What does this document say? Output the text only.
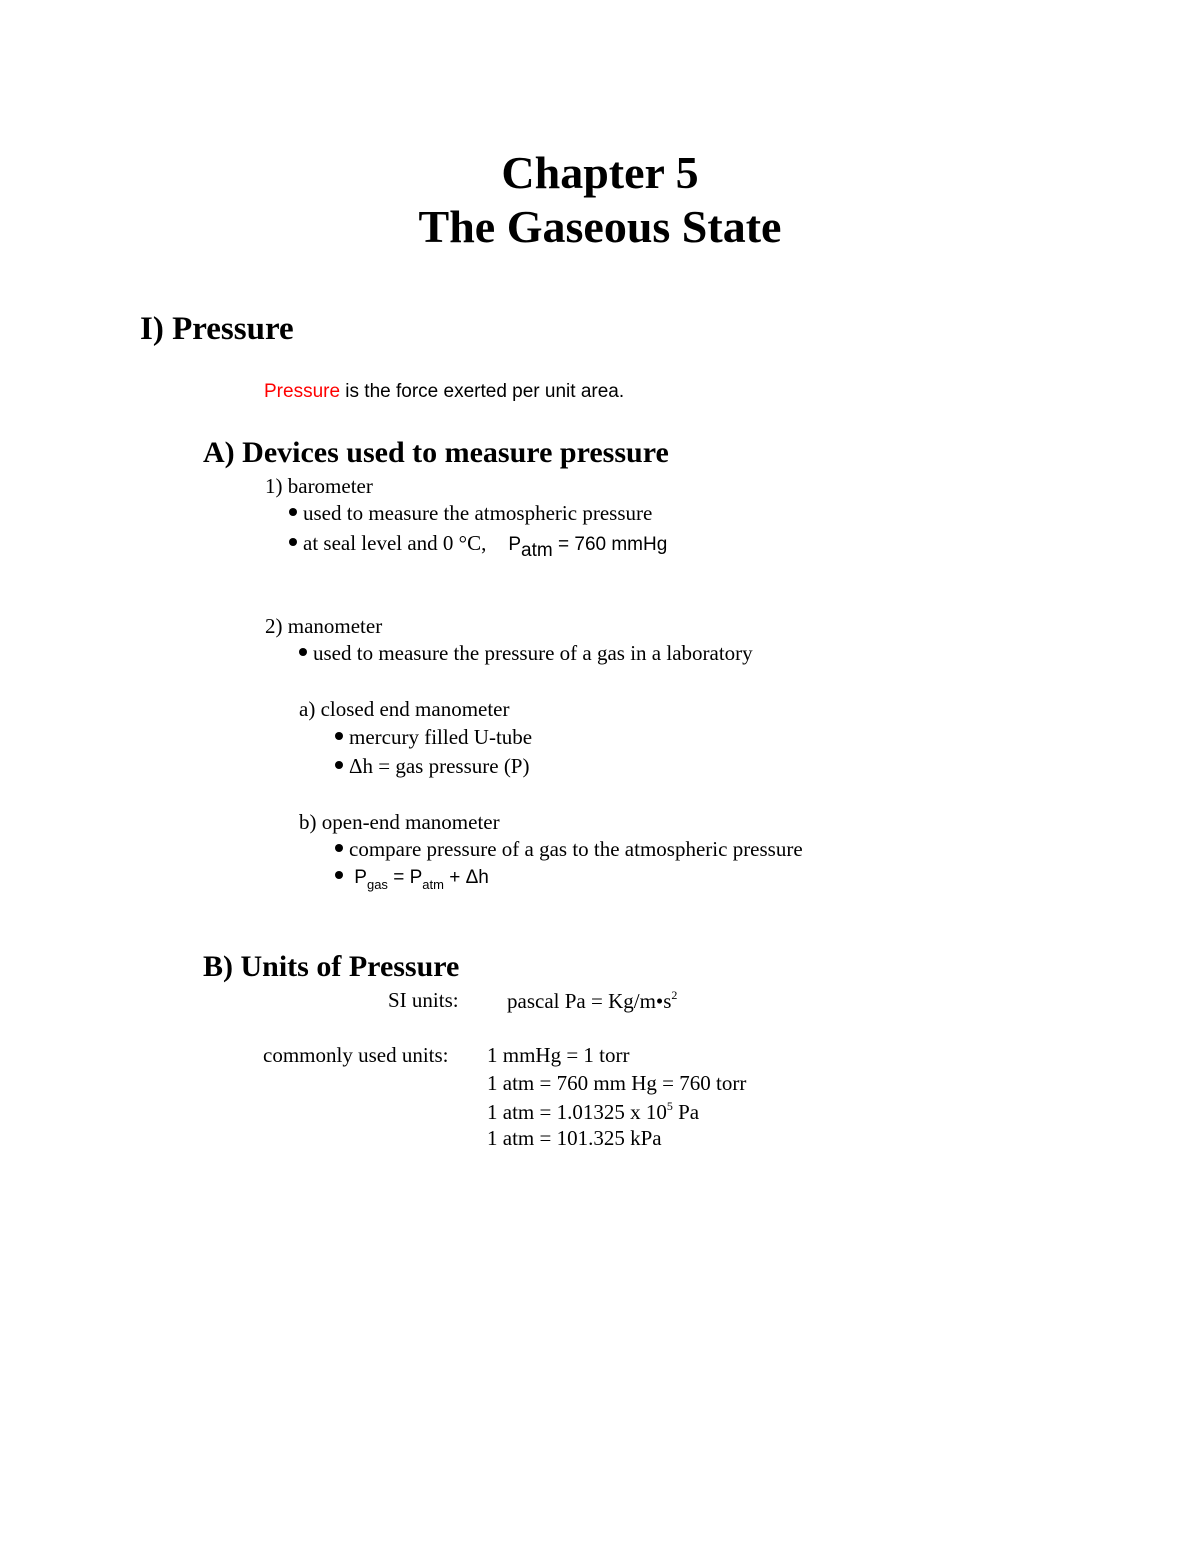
Chapter 5
The Gaseous State
I) Pressure
Pressure is the force exerted per unit area.
A) Devices used to measure pressure
1) barometer
used to measure the atmospheric pressure
at seal level and 0 °C, $P_{atm} = 760$ mmHg
2) manometer
used to measure the pressure of a gas in a laboratory
a) closed end manometer
mercury filled U-tube
Δh = gas pressure (P)
b) open-end manometer
compare pressure of a gas to the atmospheric pressure
$P_{gas} = P_{atm} + \Delta h$
B) Units of Pressure
SI units: pascal $Pa = Kg/m•s^2$
commonly used units: 1 mmHg = 1 torr
1 atm = 760 mm Hg = 760 torr
1 atm = 1.01325 x $10^5$ Pa
1 atm = 101.325 kPa
